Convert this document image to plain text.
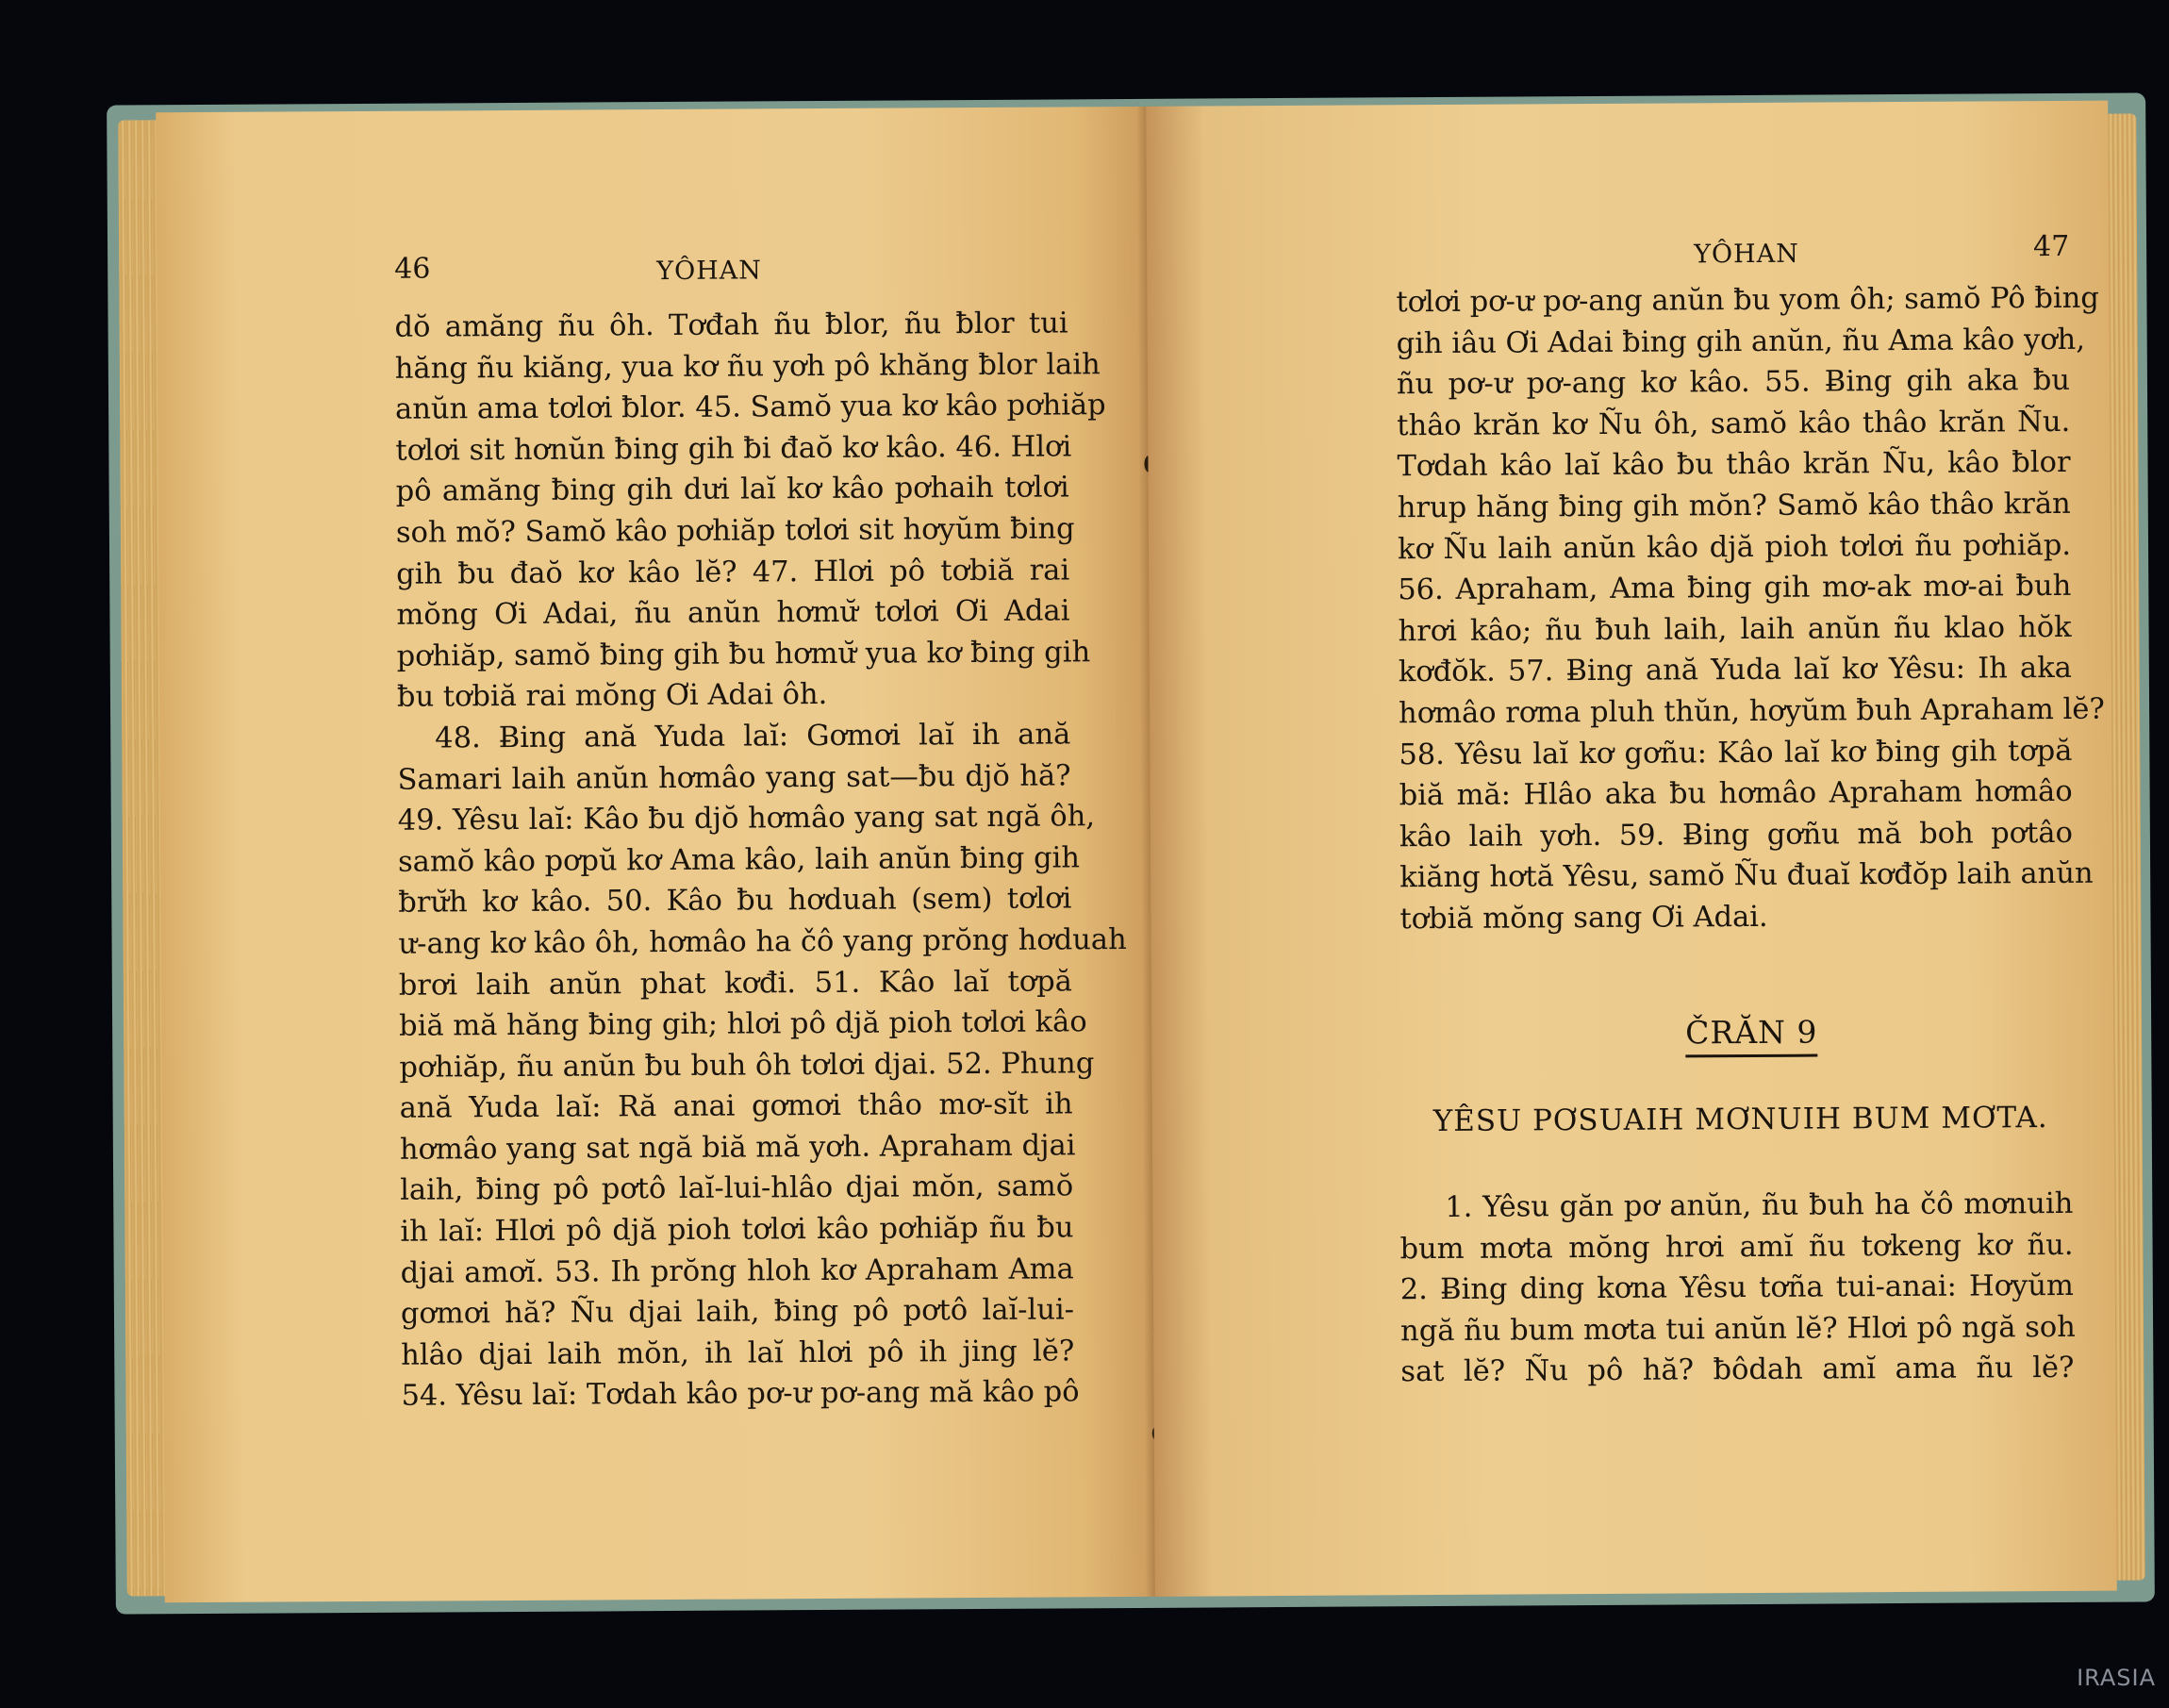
46	YÔHAN
dŏ amăng ñu ôh. Tơđah ñu ƀlor, ñu ƀlor tui
hăng ñu kiăng, yua kơ ñu yơh pô khăng ƀlor laih
anŭn ama tơlơi ƀlor. 45. Samŏ yua kơ kâo pơhiăp
tơlơi sit hơnŭn ƀing gih ƀi đaŏ kơ kâo. 46. Hlơi
pô amăng ƀing gih dưi laĭ kơ kâo pơhaih tơlơi
soh mŏ? Samŏ kâo pơhiăp tơlơi sit hơyŭm ƀing
gih ƀu đaŏ kơ kâo lĕ? 47. Hlơi pô tơbiă rai
mŏng Ơi Adai, ñu anŭn hơmư̆ tơlơi Ơi Adai
pơhiăp, samŏ ƀing gih ƀu hơmư̆ yua kơ ƀing gih
ƀu tơbiă rai mŏng Ơi Adai ôh.
48. Ƀing ană Yuda laĭ: Gơmơi laĭ ih ană
Samari laih anŭn hơmâo yang sat—ƀu djŏ hă?
49. Yêsu laĭ: Kâo ƀu djŏ hơmâo yang sat ngă ôh,
samŏ kâo pơpŭ kơ Ama kâo, laih anŭn ƀing gih
ƀrư̆h kơ kâo. 50. Kâo ƀu hơduah (sem) tơlơi
ư-ang kơ kâo ôh, hơmâo ha čô yang prŏng hơduah
brơi laih anŭn phat kơđi. 51. Kâo laĭ tơpă
biă mă hăng ƀing gih; hlơi pô djă pioh tơlơi kâo
pơhiăp, ñu anŭn ƀu buh ôh tơlơi djai. 52. Phung
ană Yuda laĭ: Ră anai gơmơi thâo mơ-sĭt ih
hơmâo yang sat ngă biă mă yơh. Apraham djai
laih, ƀing pô pơtô laĭ-lui-hlâo djai mŏn, samŏ
ih laĭ: Hlơi pô djă pioh tơlơi kâo pơhiăp ñu ƀu
djai amơĭ. 53. Ih prŏng hloh kơ Apraham Ama
gơmơi hă? Ñu djai laih, ƀing pô pơtô laĭ-lui-
hlâo djai laih mŏn, ih laĭ hlơi pô ih jing lĕ?
54. Yêsu laĭ: Tơdah kâo pơ-ư pơ-ang mă kâo pô
YÔHAN	47
tơlơi pơ-ư pơ-ang anŭn ƀu yom ôh; samŏ Pô ƀing
gih iâu Ơi Adai ƀing gih anŭn, ñu Ama kâo yơh,
ñu pơ-ư pơ-ang kơ kâo. 55. Ƀing gih aka ƀu
thâo krăn kơ Ñu ôh, samŏ kâo thâo krăn Ñu.
Tơdah kâo laĭ kâo ƀu thâo krăn Ñu, kâo ƀlor
hrup hăng ƀing gih mŏn? Samŏ kâo thâo krăn
kơ Ñu laih anŭn kâo djă pioh tơlơi ñu pơhiăp.
56. Apraham, Ama ƀing gih mơ-ak mơ-ai ƀuh
hrơi kâo; ñu ƀuh laih, laih anŭn ñu klao hŏk
kơđŏk. 57. Ƀing ană Yuda laĭ kơ Yêsu: Ih aka
hơmâo rơma pluh thŭn, hơyŭm ƀuh Apraham lĕ?
58. Yêsu laĭ kơ gơñu: Kâo laĭ kơ ƀing gih tơpă
biă mă: Hlâo aka ƀu hơmâo Apraham hơmâo
kâo laih yơh. 59. Ƀing gơñu mă boh pơtâo
kiăng hơtă Yêsu, samŏ Ñu đuaĭ kơđŏp laih anŭn
tơbiă mŏng sang Ơi Adai.
ČRĂN 9
YÊSU PƠSUAIH MƠNUIH BUM MƠTA.
1. Yêsu găn pơ anŭn, ñu ƀuh ha čô mơnuih
bum mơta mŏng hrơi amĭ ñu tơkeng kơ ñu.
2. Ƀing ding kơna Yêsu tơña tui-anai: Hơyŭm
ngă ñu bum mơta tui anŭn lĕ? Hlơi pô ngă soh
sat lĕ? Ñu pô hă? ƀôdah amĭ ama ñu lĕ?
IRASIA
